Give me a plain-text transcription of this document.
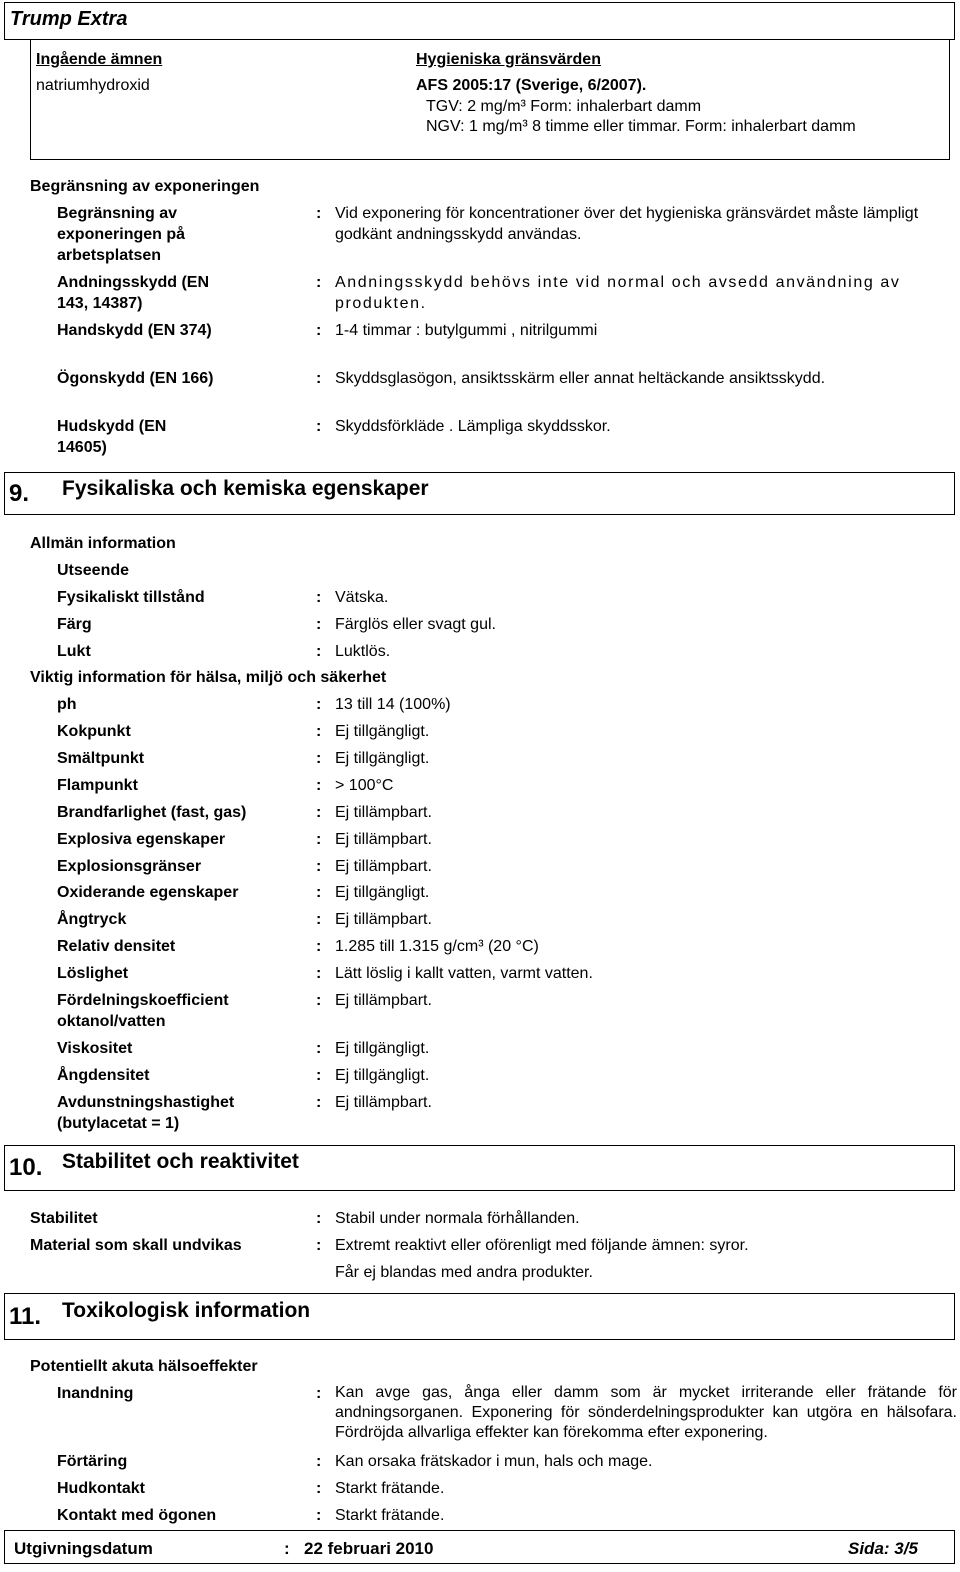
Trump Extra
Ingående ämnen	Hygieniska gränsvärden
natriumhydroxid	AFS 2005:17 (Sverige, 6/2007).
TGV: 2 mg/m³ Form: inhalerbart damm
NGV: 1 mg/m³ 8 timme eller timmar. Form: inhalerbart damm
Begränsning av exponeringen
Begränsning av exponeringen på arbetsplatsen
: Vid exponering för koncentrationer över det hygieniska gränsvärdet måste lämpligt godkänt andningsskydd användas.
Andningsskydd (EN 143, 14387)
: Andningsskydd behövs inte vid normal och avsedd användning av produkten.
Handskydd (EN 374)	: 1-4 timmar : butylgummi , nitrilgummi
Ögonskydd (EN 166)	: Skyddsglasögon, ansiktsskärm eller annat heltäckande ansiktsskydd.
Hudskydd (EN 14605)
: Skyddsförkläde . Lämpliga skyddsskor.
9. Fysikaliska och kemiska egenskaper
Allmän information
Utseende
Fysikaliskt tillstånd	: Vätska.
Färg	: Färglös eller svagt gul.
Lukt	: Luktlös.
Viktig information för hälsa, miljö och säkerhet
ph	: 13 till 14 (100%)
Kokpunkt	: Ej tillgängligt.
Smältpunkt	: Ej tillgängligt.
Flampunkt	: > 100°C
Brandfarlighet (fast, gas)	: Ej tillämpbart.
Explosiva egenskaper	: Ej tillämpbart.
Explosionsgränser	: Ej tillämpbart.
Oxiderande egenskaper	: Ej tillgängligt.
Ångtryck	: Ej tillämpbart.
Relativ densitet	: 1.285 till 1.315 g/cm³ (20 °C)
Löslighet	: Lätt löslig i kallt vatten, varmt vatten.
Fördelningskoefficient oktanol/vatten
: Ej tillämpbart.
Viskositet	: Ej tillgängligt.
Ångdensitet	: Ej tillgängligt.
Avdunstningshastighet (butylacetat = 1)
: Ej tillämpbart.
10. Stabilitet och reaktivitet
Stabilitet	: Stabil under normala förhållanden.
Material som skall undvikas	: Extremt reaktivt eller oförenligt med följande ämnen: syror.
Får ej blandas med andra produkter.
11. Toxikologisk information
Potentiellt akuta hälsoeffekter
Inandning	: Kan avge gas, ånga eller damm som är mycket irriterande eller frätande för andningsorganen. Exponering för sönderdelningsprodukter kan utgöra en hälsofara. Fördröjda allvarliga effekter kan förekomma efter exponering.
Förtäring	: Kan orsaka frätskador i mun, hals och mage.
Hudkontakt	: Starkt frätande.
Kontakt med ögonen	: Starkt frätande.
Utgivningsdatum	: 22 februari 2010	Sida: 3/5
